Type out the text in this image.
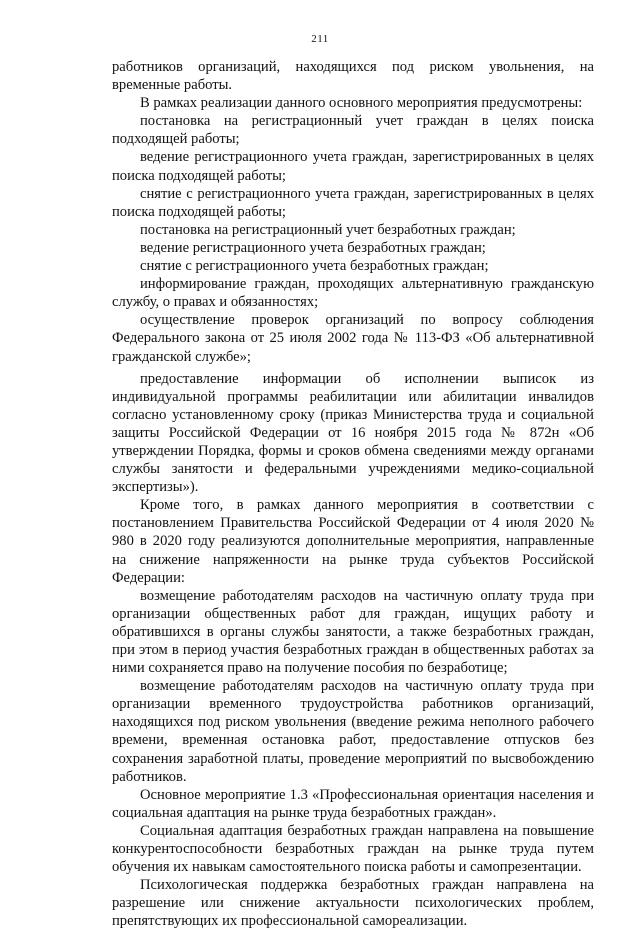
211

работников организаций, находящихся под риском увольнения, на временные работы.

В рамках реализации данного основного мероприятия предусмотрены:

постановка на регистрационный учет граждан в целях поиска подходящей работы;

ведение регистрационного учета граждан, зарегистрированных в целях поиска подходящей работы;

снятие с регистрационного учета граждан, зарегистрированных в целях поиска подходящей работы;

постановка на регистрационный учет безработных граждан;

ведение регистрационного учета безработных граждан;

снятие с регистрационного учета безработных граждан;

информирование граждан, проходящих альтернативную гражданскую службу, о правах и обязанностях;

осуществление проверок организаций по вопросу соблюдения Федерального закона от 25 июля 2002 года № 113-ФЗ «Об альтернативной гражданской службе»;

предоставление информации об исполнении выписок из индивидуальной программы реабилитации или абилитации инвалидов согласно установленному сроку (приказ Министерства труда и социальной защиты Российской Федерации от 16 ноября 2015 года № 872н «Об утверждении Порядка, формы и сроков обмена сведениями между органами службы занятости и федеральными учреждениями медико-социальной экспертизы»).

Кроме того, в рамках данного мероприятия в соответствии с постановлением Правительства Российской Федерации от 4 июля 2020 № 980 в 2020 году реализуются дополнительные мероприятия, направленные на снижение напряженности на рынке труда субъектов Российской Федерации:

возмещение работодателям расходов на частичную оплату труда при организации общественных работ для граждан, ищущих работу и обратившихся в органы службы занятости, а также безработных граждан, при этом в период участия безработных граждан в общественных работах за ними сохраняется право на получение пособия по безработице;

возмещение работодателям расходов на частичную оплату труда при организации временного трудоустройства работников организаций, находящихся под риском увольнения (введение режима неполного рабочего времени, временная остановка работ, предоставление отпусков без сохранения заработной платы, проведение мероприятий по высвобождению работников.

Основное мероприятие 1.3 «Профессиональная ориентация населения и социальная адаптация на рынке труда безработных граждан».

Социальная адаптация безработных граждан направлена на повышение конкурентоспособности безработных граждан на рынке труда путем обучения их навыкам самостоятельного поиска работы и самопрезентации.

Психологическая поддержка безработных граждан направлена на разрешение или снижение актуальности психологических проблем, препятствующих их профессиональной самореализации.
